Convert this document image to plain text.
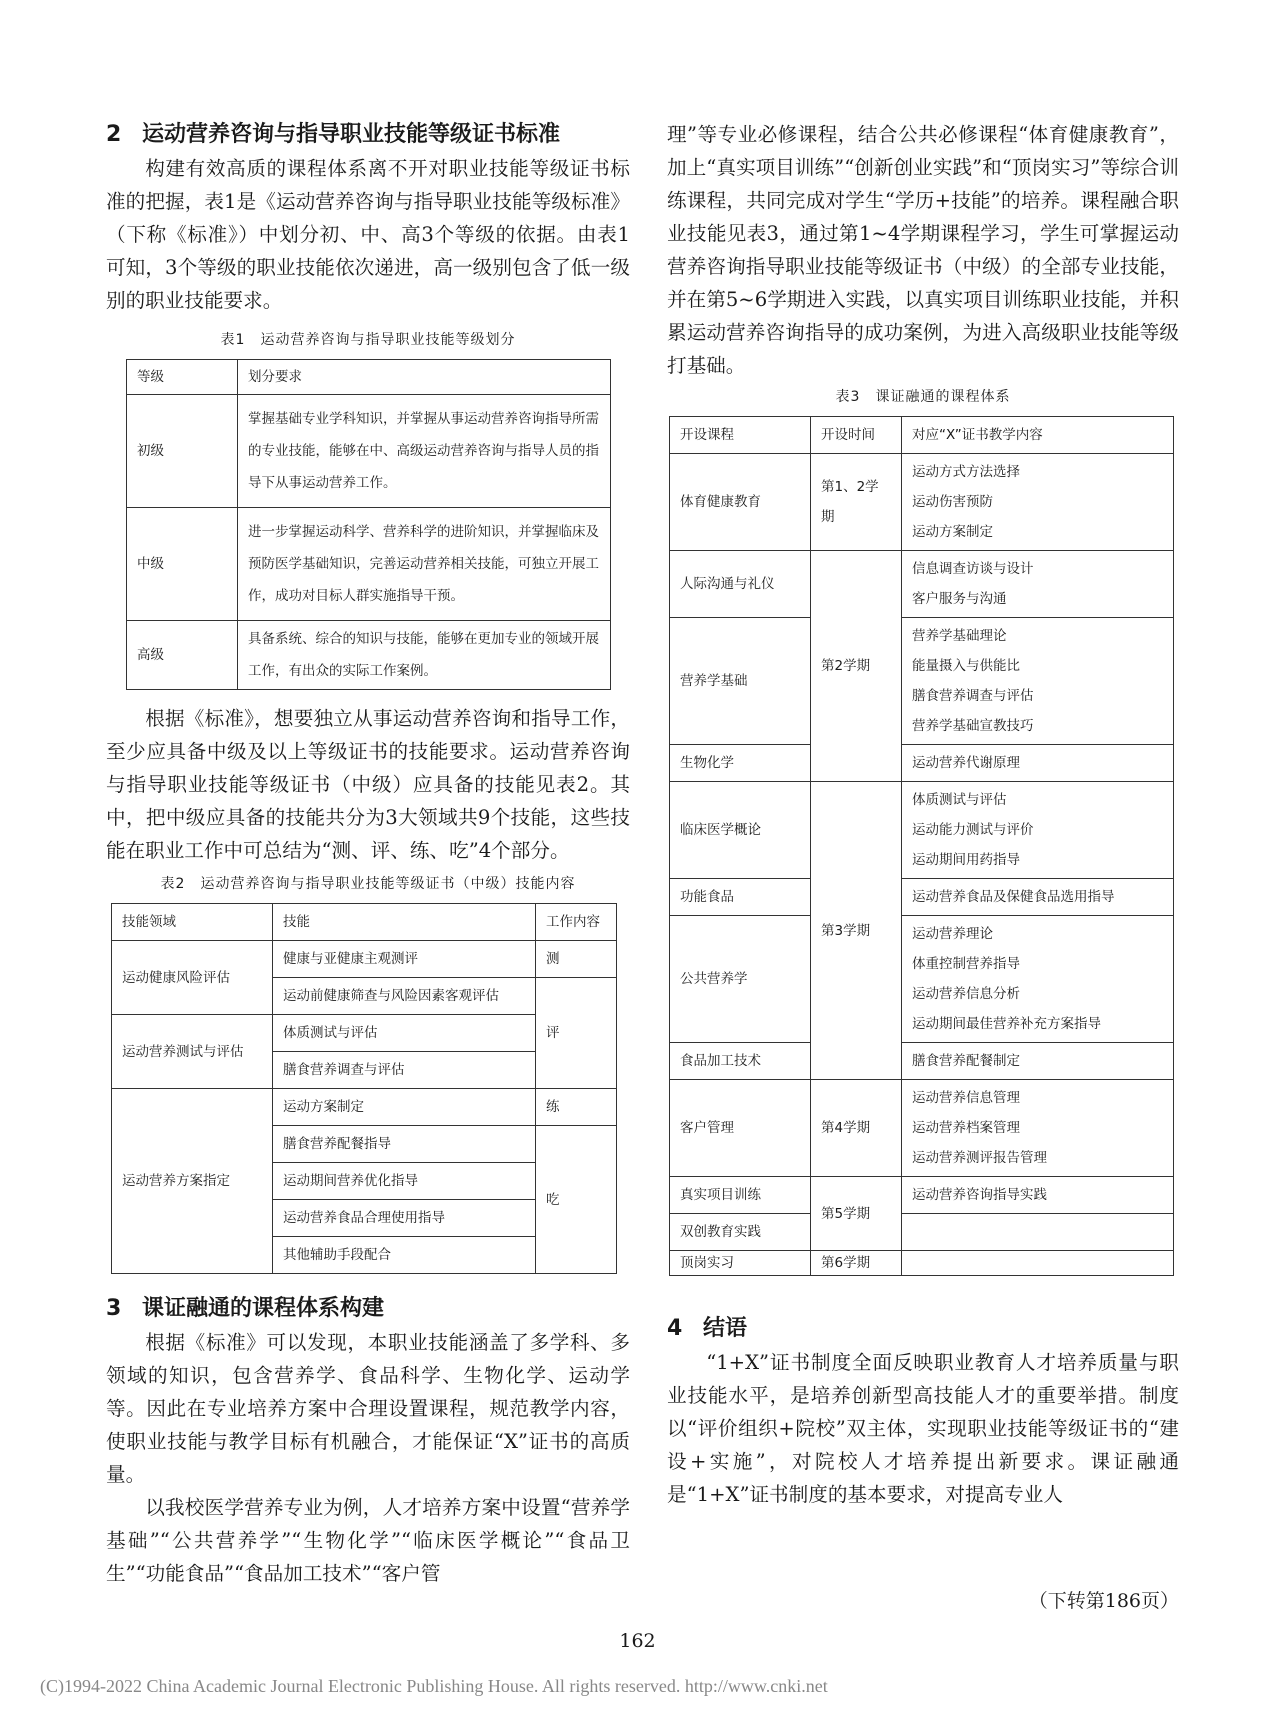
2 运动营养咨询与指导职业技能等级证书标准

构建有效高质的课程体系离不开对职业技能等级证书标准的把握，表1是《运动营养咨询与指导职业技能等级标准》（下称《标准》）中划分初、中、高3个等级的依据。由表1可知，3个等级的职业技能依次递进，高一级别包含了低一级别的职业技能要求。

表1　运动营养咨询与指导职业技能等级划分
等级	划分要求
初级	掌握基础专业学科知识，并掌握从事运动营养咨询指导所需的专业技能，能够在中、高级运动营养咨询与指导人员的指导下从事运动营养工作。
中级	进一步掌握运动科学、营养科学的进阶知识，并掌握临床及预防医学基础知识，完善运动营养相关技能，可独立开展工作，成功对目标人群实施指导干预。
高级	具备系统、综合的知识与技能，能够在更加专业的领域开展工作，有出众的实际工作案例。

根据《标准》，想要独立从事运动营养咨询和指导工作，至少应具备中级及以上等级证书的技能要求。运动营养咨询与指导职业技能等级证书（中级）应具备的技能见表2。其中，把中级应具备的技能共分为3大领域共9个技能，这些技能在职业工作中可总结为“测、评、练、吃”4个部分。

表2　运动营养咨询与指导职业技能等级证书（中级）技能内容
技能领域	技能	工作内容
运动健康风险评估	健康与亚健康主观测评	测
	运动前健康筛查与风险因素客观评估	评
运动营养测试与评估	体质测试与评估	
	膳食营养调查与评估	
运动营养方案指定	运动方案制定	练
	膳食营养配餐指导	吃
	运动期间营养优化指导	
	运动营养食品合理使用指导	
	其他辅助手段配合	
3 课证融通的课程体系构建

根据《标准》可以发现，本职业技能涵盖了多学科、多领域的知识，包含营养学、食品科学、生物化学、运动学等。因此在专业培养方案中合理设置课程，规范教学内容，使职业技能与教学目标有机融合，才能保证“X”证书的高质量。

以我校医学营养专业为例，人才培养方案中设置“营养学基础”“公共营养学”“生物化学”“临床医学概论”“食品卫生”“功能食品”“食品加工技术”“客户管

理”等专业必修课程，结合公共必修课程“体育健康教育”，加上“真实项目训练”“创新创业实践”和“顶岗实习”等综合训练课程，共同完成对学生“学历+技能”的培养。课程融合职业技能见表3，通过第1~4学期课程学习，学生可掌握运动营养咨询指导职业技能等级证书（中级）的全部专业技能，并在第5~6学期进入实践，以真实项目训练职业技能，并积累运动营养咨询指导的成功案例，为进入高级职业技能等级打基础。

表3　课证融通的课程体系
开设课程	开设时间	对应“X”证书教学内容
体育健康教育	第1、2学期	运动方式方法选择
运动伤害预防
运动方案制定

人际沟通与礼仪	第2学期	信息调查访谈与设计
客户服务与沟通

营养学基础		营养学基础理论
能量摄入与供能比
膳食营养调查与评估
营养学基础宣教技巧

生物化学		运动营养代谢原理

临床医学概论	第3学期	体质测试与评估
运动能力测试与评价
运动期间用药指导

功能食品		运动营养食品及保健食品选用指导

公共营养学		运动营养理论
体重控制营养指导
运动营养信息分析
运动期间最佳营养补充方案指导

食品加工技术		膳食营养配餐制定

客户管理	第4学期	运动营养信息管理
运动营养档案管理
运动营养测评报告管理

真实项目训练	第5学期	运动营养咨询指导实践

双创教育实践		

顶岗实习	第6学期	
4 结语

“1+X”证书制度全面反映职业教育人才培养质量与职业技能水平，是培养创新型高技能人才的重要举措。制度以“评价组织+院校”双主体，实现职业技能等级证书的“建设+实施”，对院校人才培养提出新要求。课证融通是“1+X”证书制度的基本要求，对提高专业人

（下转第186页）
162
(C)1994-2022 China Academic Journal Electronic Publishing House. All rights reserved. http://www.cnki.net
